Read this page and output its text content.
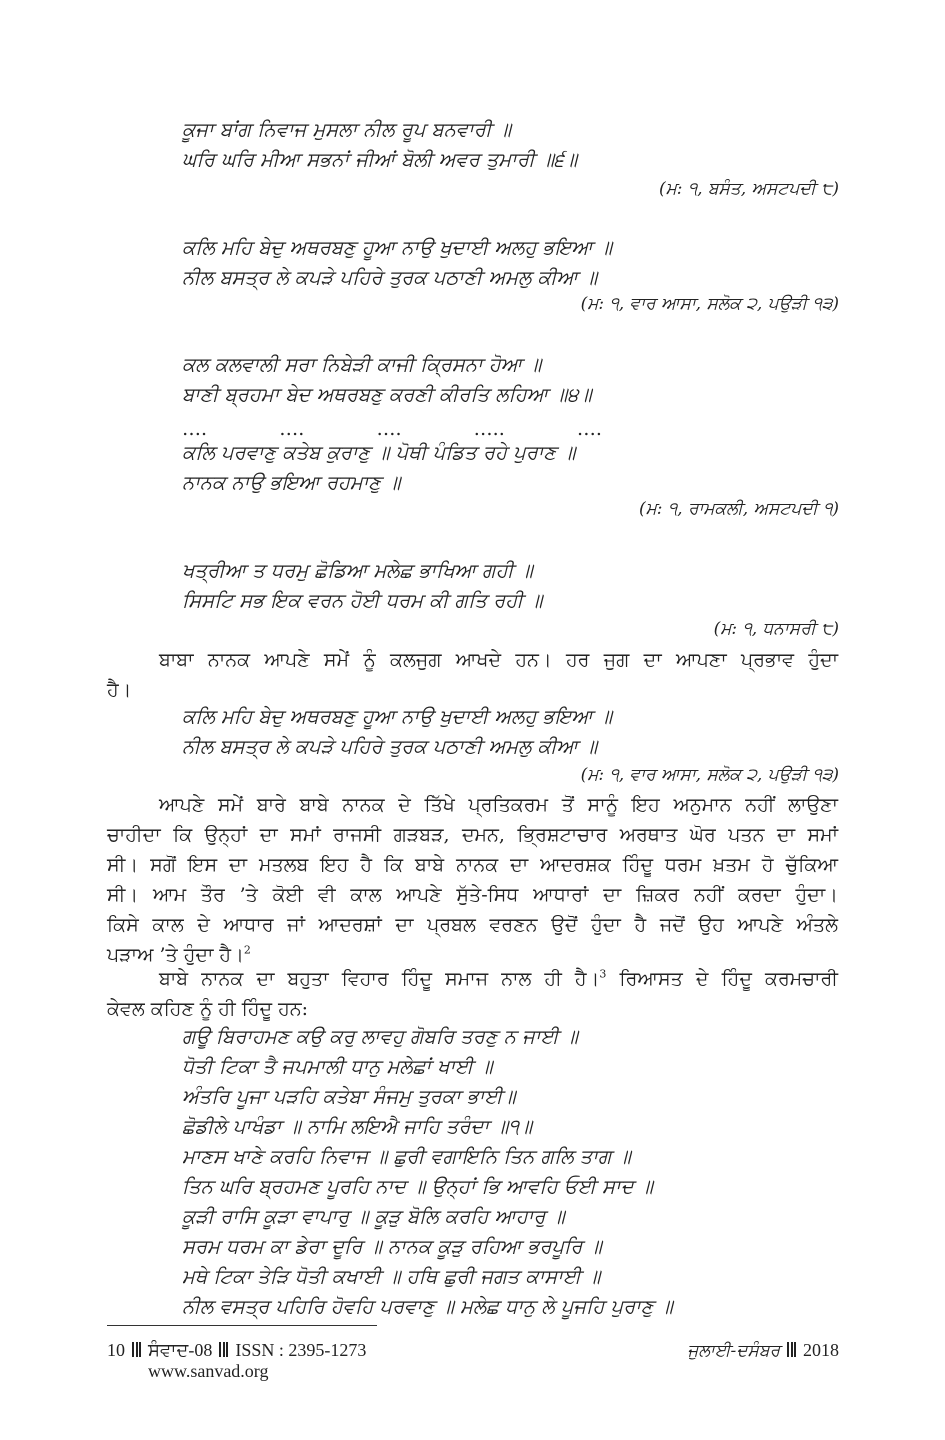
ਕੂਜਾ ਬਾਂਗ ਨਿਵਾਜ ਮੁਸਲਾ ਨੀਲ ਰੂਪ ਬਨਵਾਰੀ ॥
ਘਰਿ ਘਰਿ ਮੀਆ ਸਭਨਾਂ ਜੀਆਂ ਬੋਲੀ ਅਵਰ ਤੁਮਾਰੀ ॥੬॥
(ਮ: ੧, ਬਸੰਤ, ਅਸਟਪਦੀ ੮)
ਕਲਿ ਮਹਿ ਬੇਦੁ ਅਥਰਬਣੁ ਹੂਆ ਨਾਉ ਖੁਦਾਈ ਅਲਹੁ ਭਇਆ ॥
ਨੀਲ ਬਸਤ੍ਰ ਲੇ ਕਪੜੇ ਪਹਿਰੇ ਤੁਰਕ ਪਠਾਣੀ ਅਮਲੁ ਕੀਆ ॥
(ਮ: ੧, ਵਾਰ ਆਸਾ, ਸਲੋਕ ੨, ਪਉੜੀ ੧੩)
ਕਲ ਕਲਵਾਲੀ ਸਰਾ ਨਿਬੇੜੀ ਕਾਜੀ ਕ੍ਰਿਸਨਾ ਹੋਆ ॥
ਬਾਣੀ ਬ੍ਰਹਮਾ ਬੇਦ ਅਥਰਬਣੁ ਕਰਣੀ ਕੀਰਤਿ ਲਹਿਆ ॥੪॥
….	….	….	…..	….
ਕਲਿ ਪਰਵਾਣੁ ਕਤੇਬ ਕੁਰਾਣੁ ॥ ਪੋਥੀ ਪੰਡਿਤ ਰਹੇ ਪੁਰਾਣ ॥
ਨਾਨਕ ਨਾਉ ਭਇਆ ਰਹਮਾਣੁ ॥
(ਮ: ੧, ਰਾਮਕਲੀ, ਅਸਟਪਦੀ ੧)
ਖਤ੍ਰੀਆ ਤ ਧਰਮੁ ਛੋਡਿਆ ਮਲੇਛ ਭਾਖਿਆ ਗਹੀ ॥
ਸਿਸਟਿ ਸਭ ਇਕ ਵਰਨ ਹੋਈ ਧਰਮ ਕੀ ਗਤਿ ਰਹੀ ॥
(ਮ: ੧, ਧਨਾਸਰੀ ੮)

ਬਾਬਾ ਨਾਨਕ ਆਪਣੇ ਸਮੇਂ ਨੂੰ ਕਲਜੁਗ ਆਖਦੇ ਹਨ। ਹਰ ਜੁਗ ਦਾ ਆਪਣਾ ਪ੍ਰਭਾਵ ਹੁੰਦਾ
ਹੈ।

ਕਲਿ ਮਹਿ ਬੇਦੁ ਅਥਰਬਣੁ ਹੂਆ ਨਾਉ ਖੁਦਾਈ ਅਲਹੁ ਭਇਆ ॥
ਨੀਲ ਬਸਤ੍ਰ ਲੇ ਕਪੜੇ ਪਹਿਰੇ ਤੁਰਕ ਪਠਾਣੀ ਅਮਲੁ ਕੀਆ ॥
(ਮ: ੧, ਵਾਰ ਆਸਾ, ਸਲੋਕ ੨, ਪਉੜੀ ੧੩)

ਆਪਣੇ ਸਮੇਂ ਬਾਰੇ ਬਾਬੇ ਨਾਨਕ ਦੇ ਤਿੱਖੇ ਪ੍ਰਤਿਕਰਮ ਤੋਂ ਸਾਨੂੰ ਇਹ ਅਨੁਮਾਨ ਨਹੀਂ ਲਾਉਣਾ
ਚਾਹੀਦਾ ਕਿ ਉਨ੍ਹਾਂ ਦਾ ਸਮਾਂ ਰਾਜਸੀ ਗੜਬੜ, ਦਮਨ, ਭ੍ਰਿਸ਼ਟਾਚਾਰ ਅਰਥਾਤ ਘੋਰ ਪਤਨ ਦਾ ਸਮਾਂ
ਸੀ। ਸਗੋਂ ਇਸ ਦਾ ਮਤਲਬ ਇਹ ਹੈ ਕਿ ਬਾਬੇ ਨਾਨਕ ਦਾ ਆਦਰਸ਼ਕ ਹਿੰਦੂ ਧਰਮ ਖ਼ਤਮ ਹੋ ਚੁੱਕਿਆ
ਸੀ। ਆਮ ਤੌਰ ’ਤੇ ਕੋਈ ਵੀ ਕਾਲ ਆਪਣੇ ਸੁੱਤੇ-ਸਿਧ ਆਧਾਰਾਂ ਦਾ ਜ਼ਿਕਰ ਨਹੀਂ ਕਰਦਾ ਹੁੰਦਾ।
ਕਿਸੇ ਕਾਲ ਦੇ ਆਧਾਰ ਜਾਂ ਆਦਰਸ਼ਾਂ ਦਾ ਪ੍ਰਬਲ ਵਰਣਨ ਉਦੋਂ ਹੁੰਦਾ ਹੈ ਜਦੋਂ ਉਹ ਆਪਣੇ ਅੰਤਲੇ
ਪੜਾਅ ’ਤੇ ਹੁੰਦਾ ਹੈ।$^2$

ਬਾਬੇ ਨਾਨਕ ਦਾ ਬਹੁਤਾ ਵਿਹਾਰ ਹਿੰਦੂ ਸਮਾਜ ਨਾਲ ਹੀ ਹੈ।$^3$ ਰਿਆਸਤ ਦੇ ਹਿੰਦੂ ਕਰਮਚਾਰੀ
ਕੇਵਲ ਕਹਿਣ ਨੂੰ ਹੀ ਹਿੰਦੂ ਹਨ:

ਗਊ ਬਿਰਾਹਮਣ ਕਉ ਕਰੁ ਲਾਵਹੁ ਗੋਬਰਿ ਤਰਣੁ ਨ ਜਾਈ ॥
ਧੋਤੀ ਟਿਕਾ ਤੈ ਜਪਮਾਲੀ ਧਾਨੁ ਮਲੇਛਾਂ ਖਾਈ ॥
ਅੰਤਰਿ ਪੂਜਾ ਪੜਹਿ ਕਤੇਬਾ ਸੰਜਮੁ ਤੁਰਕਾ ਭਾਈ॥
ਛੋਡੀਲੇ ਪਾਖੰਡਾ ॥ ਨਾਮਿ ਲਇਐ ਜਾਹਿ ਤਰੰਦਾ ॥੧॥
ਮਾਣਸ ਖਾਣੇ ਕਰਹਿ ਨਿਵਾਜ ॥ ਛੁਰੀ ਵਗਾਇਨਿ ਤਿਨ ਗਲਿ ਤਾਗ ॥
ਤਿਨ ਘਰਿ ਬ੍ਰਹਮਣ ਪੂਰਹਿ ਨਾਦ ॥ ਉਨ੍ਹਾਂ ਭਿ ਆਵਹਿ ਓਈ ਸਾਦ ॥
ਕੂੜੀ ਰਾਸਿ ਕੂੜਾ ਵਾਪਾਰੁ ॥ ਕੂੜੁ ਬੋਲਿ ਕਰਹਿ ਆਹਾਰੁ ॥
ਸਰਮ ਧਰਮ ਕਾ ਡੇਰਾ ਦੂਰਿ ॥ ਨਾਨਕ ਕੂੜੁ ਰਹਿਆ ਭਰਪੂਰਿ ॥
ਮਥੇ ਟਿਕਾ ਤੇੜਿ ਧੋਤੀ ਕਖਾਈ ॥ ਹਥਿ ਛੁਰੀ ਜਗਤ ਕਾਸਾਈ ॥
ਨੀਲ ਵਸਤ੍ਰ ਪਹਿਰਿ ਹੋਵਹਿ ਪਰਵਾਣੁ ॥ ਮਲੇਛ ਧਾਨੁ ਲੇ ਪੂਜਹਿ ਪੁਰਾਣੁ ॥
10 ਸੰਵਾਦ-08 ISSN : 2395-1273
www.sanvad.org
ਜੁਲਾਈ-ਦਸੰਬਰ 2018
